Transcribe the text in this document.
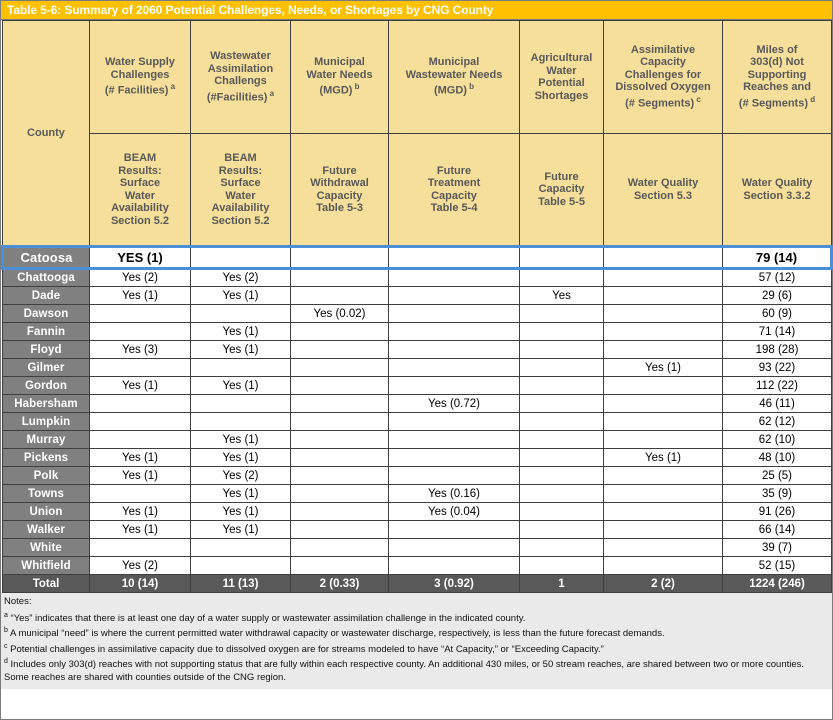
Table 5-6: Summary of 2060 Potential Challenges, Needs, or Shortages by CNG County
County	
Water Supply
Challenges
(# Facilities) $^a$

Wastewater
Assimilation
Challengs
(#Facilities) $^a$

Municipal
Water Needs
(MGD) $^b$

Municipal
Wastewater Needs
(MGD) $^b$

Agricultural
Water
Potential
Shortages

Assimilative
Capacity
Challenges for
Dissolved Oxygen
(# Segments) $^c$

Miles of
303(d) Not
Supporting
Reaches and
(# Segments) $^d$

BEAM
Results:
Surface
Water
Availability
Section 5.2

BEAM
Results:
Surface
Water
Availability
Section 5.2

Future
Withdrawal
Capacity
Table 5-3

Future
Treatment
Capacity
Table 5-4

Future
Capacity
Table 5-5

Water Quality
Section 5.3

Water Quality
Section 3.3.2

Catoosa	YES (1)						79 (14)
Chattooga	Yes (2)	Yes (2)					57 (12)
Dade	Yes (1)	Yes (1)			Yes		29 (6)
Dawson			Yes (0.02)				60 (9)
Fannin		Yes (1)					71 (14)
Floyd	Yes (3)	Yes (1)					198 (28)
Gilmer						Yes (1)	93 (22)
Gordon	Yes (1)	Yes (1)					112 (22)
Habersham				Yes (0.72)			46 (11)
Lumpkin							62 (12)
Murray		Yes (1)					62 (10)
Pickens	Yes (1)	Yes (1)				Yes (1)	48 (10)
Polk	Yes (1)	Yes (2)					25 (5)
Towns		Yes (1)		Yes (0.16)			35 (9)
Union	Yes (1)	Yes (1)		Yes (0.04)			91 (26)
Walker	Yes (1)	Yes (1)					66 (14)
White							39 (7)
Whitfield	Yes (2)						52 (15)
Total	10 (14)	11 (13)	2 (0.33)	3 (0.92)	1	2 (2)	1224 (246)
Notes:
$^a$ “Yes” indicates that there is at least one day of a water supply or wastewater assimilation challenge in the indicated county.
$^b$ A municipal “need” is where the current permitted water withdrawal capacity or wastewater discharge, respectively, is less than the future forecast demands.
$^c$ Potential challenges in assimilative capacity due to dissolved oxygen are for streams modeled to have “At Capacity,” or “Exceeding Capacity.”
$^d$ Includes only 303(d) reaches with not supporting status that are fully within each respective county. An additional 430 miles, or 50 stream reaches, are shared between two or more counties. Some reaches are shared with counties outside of the CNG region.
